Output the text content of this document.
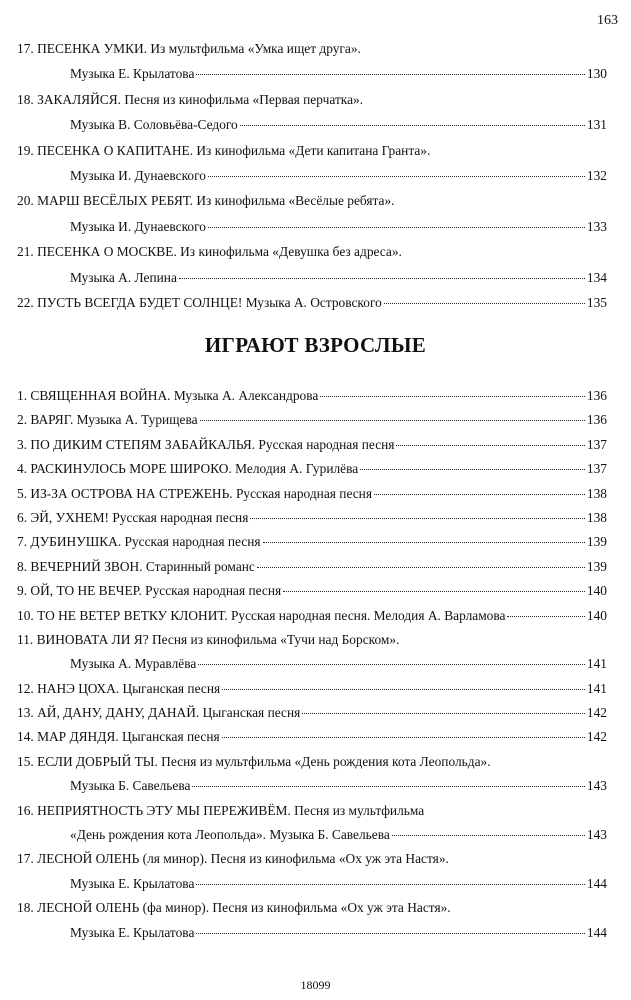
163
17. ПЕСЕНКА УМКИ. Из мультфильма «Умка ищет друга».
Музыка Е. Крылатова	130
18. ЗАКАЛЯЙСЯ. Песня из кинофильма «Первая перчатка».
Музыка В. Соловьёва-Седого	131
19. ПЕСЕНКА О КАПИТАНЕ. Из кинофильма «Дети капитана Гранта».
Музыка И. Дунаевского	132
20. МАРШ ВЕСЁЛЫХ РЕБЯТ. Из кинофильма «Весёлые ребята».
Музыка И. Дунаевского	133
21. ПЕСЕНКА О МОСКВЕ. Из кинофильма «Девушка без адреса».
Музыка А. Лепина	134
22. ПУСТЬ ВСЕГДА БУДЕТ СОЛНЦЕ! Музыка А. Островского	135
ИГРАЮТ ВЗРОСЛЫЕ
1. СВЯЩЕННАЯ ВОЙНА. Музыка А. Александрова	136
2. ВАРЯГ. Музыка А. Турищева	136
3. ПО ДИКИМ СТЕПЯМ ЗАБАЙКАЛЬЯ. Русская народная песня	137
4. РАСКИНУЛОСЬ МОРЕ ШИРОКО. Мелодия А. Гурилёва	137
5. ИЗ-ЗА ОСТРОВА НА СТРЕЖЕНЬ. Русская народная песня	138
6. ЭЙ, УХНЕМ! Русская народная песня	138
7. ДУБИНУШКА. Русская народная песня	139
8. ВЕЧЕРНИЙ ЗВОН. Старинный романс	139
9. ОЙ, ТО НЕ ВЕЧЕР. Русская народная песня	140
10. ТО НЕ ВЕТЕР ВЕТКУ КЛОНИТ. Русская народная песня. Мелодия А. Варламова	140
11. ВИНОВАТА ЛИ Я? Песня из кинофильма «Тучи над Борском».
Музыка А. Муравлёва	141
12. НАНЭ ЦОХА. Цыганская песня	141
13. АЙ, ДАНУ, ДАНУ, ДАНАЙ. Цыганская песня	142
14. МАР ДЯНДЯ. Цыганская песня	142
15. ЕСЛИ ДОБРЫЙ ТЫ. Песня из мультфильма «День рождения кота Леопольда».
Музыка Б. Савельева	143
16. НЕПРИЯТНОСТЬ ЭТУ МЫ ПЕРЕЖИВЁМ. Песня из мультфильма
«День рождения кота Леопольда». Музыка Б. Савельева	143
17. ЛЕСНОЙ ОЛЕНЬ (ля минор). Песня из кинофильма «Ох уж эта Настя».
Музыка Е. Крылатова	144
18. ЛЕСНОЙ ОЛЕНЬ (фа минор). Песня из кинофильма «Ох уж эта Настя».
Музыка Е. Крылатова	144
18099
